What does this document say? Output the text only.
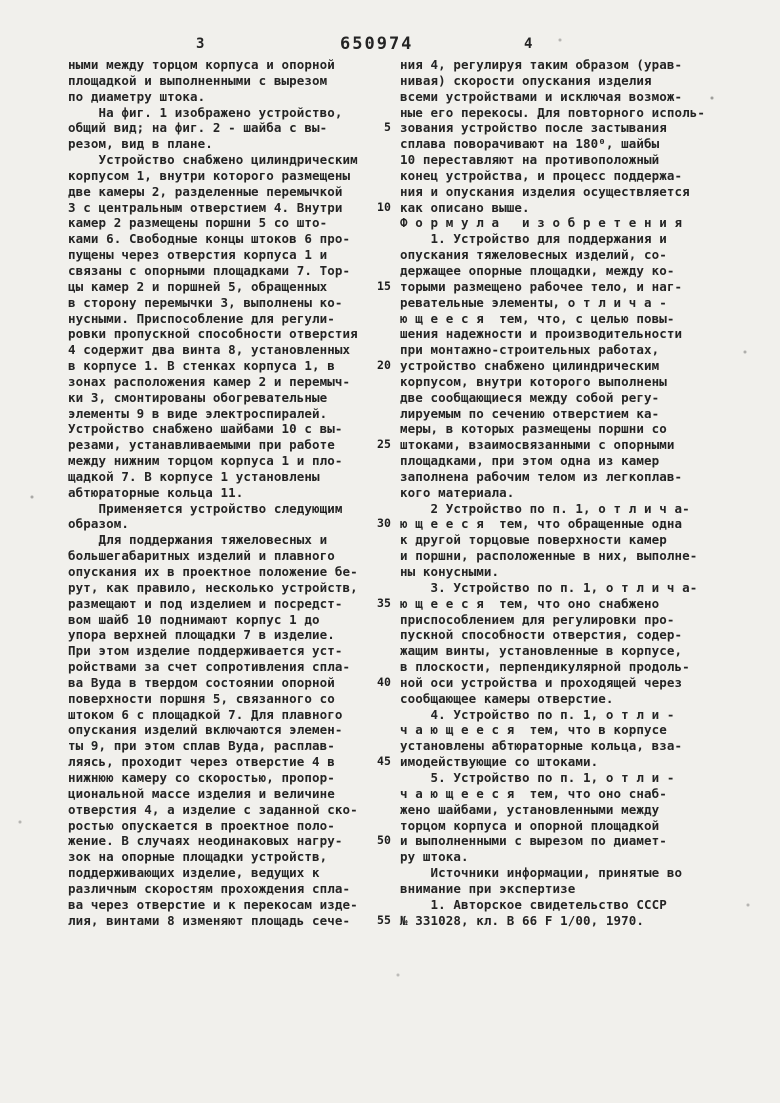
3	650974	4
ными между торцом корпуса и опорной
площадкой и выполненными с вырезом
по диаметру штока.
На фиг. 1 изображено устройство,
общий вид; на фиг. 2 - шайба с вы-
резом, вид в плане.
Устройство снабжено цилиндрическим
корпусом 1, внутри которого размещены
две камеры 2, разделенные перемычкой
3 с центральным отверстием 4. Внутри
камер 2 размещены поршни 5 со што-
ками 6. Свободные концы штоков 6 про-
пущены через отверстия корпуса 1 и
связаны с опорными площадками 7. Тор-
цы камер 2 и поршней 5, обращенных
в сторону перемычки 3, выполнены ко-
нусными. Приспособление для регули-
ровки пропускной способности отверстия
4 содержит два винта 8, установленных
в корпусе 1. В стенках корпуса 1, в
зонах расположения камер 2 и перемыч-
ки 3, смонтированы обогревательные
элементы 9 в виде электроспиралей.
Устройство снабжено шайбами 10 с вы-
резами, устанавливаемыми при работе
между нижним торцом корпуса 1 и пло-
щадкой 7. В корпусе 1 установлены
абтюраторные кольца 11.
Применяется устройство следующим
образом.
Для поддержания тяжеловесных и
большегабаритных изделий и плавного
опускания их в проектное положение бе-
рут, как правило, несколько устройств,
размещают и под изделием и посредст-
вом шайб 10 поднимают корпус 1 до
упора верхней площадки 7 в изделие.
При этом изделие поддерживается уст-
ройствами за счет сопротивления спла-
ва Вуда в твердом состоянии опорной
поверхности поршня 5, связанного со
штоком 6 с площадкой 7. Для плавного
опускания изделий включаются элемен-
ты 9, при этом сплав Вуда, расплав-
ляясь, проходит через отверстие 4 в
нижнюю камеру со скоростью, пропор-
циональной массе изделия и величине
отверстия 4, а изделие с заданной ско-
ростью опускается в проектное поло-
жение. В случаях неодинаковых нагру-
зок на опорные площадки устройств,
поддерживающих изделие, ведущих к
различным скоростям прохождения спла-
ва через отверстие и к перекосам изде-
лия, винтами 8 изменяют площадь сече-
5
10
15
20
25
30
35
40
45
50
55
ния 4, регулируя таким образом (урав-
нивая) скорости опускания изделия
всеми устройствами и исключая возмож-
ные его перекосы. Для повторного исполь-
зования устройство после застывания
сплава поворачивают на 180⁰, шайбы
10 переставляют на противоположный
конец устройства, и процесс поддержа-
ния и опускания изделия осуществляется
как описано выше.
Ф о р м у л а   и з о б р е т е н и я
1. Устройство для поддержания и
опускания тяжеловесных изделий, со-
держащее опорные площадки, между ко-
торыми размещено рабочее тело, и наг-
ревательные элементы, о т л и ч а -
ю щ е е с я  тем, что, с целью повы-
шения надежности и производительности
при монтажно-строительных работах,
устройство снабжено цилиндрическим
корпусом, внутри которого выполнены
две сообщающиеся между собой регу-
лируемым по сечению отверстием ка-
меры, в которых размещены поршни со
штоками, взаимосвязанными с опорными
площадками, при этом одна из камер
заполнена рабочим телом из легкоплав-
кого материала.
2 Устройство по п. 1, о т л и ч а-
ю щ е е с я  тем, что обращенные одна
к другой торцовые поверхности камер
и поршни, расположенные в них, выполне-
ны конусными.
3. Устройство по п. 1, о т л и ч а-
ю щ е е с я  тем, что оно снабжено
приспособлением для регулировки про-
пускной способности отверстия, содер-
жащим винты, установленные в корпусе,
в плоскости, перпендикулярной продоль-
ной оси устройства и проходящей через
сообщающее камеры отверстие.
4. Устройство по п. 1, о т л и -
ч а ю щ е е с я  тем, что в корпусе
установлены абтюраторные кольца, вза-
имодействующие со штоками.
5. Устройство по п. 1, о т л и -
ч а ю щ е е с я  тем, что оно снаб-
жено шайбами, установленными между
торцом корпуса и опорной площадкой
и выполненными с вырезом по диамет-
ру штока.
Источники информации, принятые во
внимание при экспертизе
1. Авторское свидетельство СССР
№ 331028, кл. В 66 F 1/00, 1970.
